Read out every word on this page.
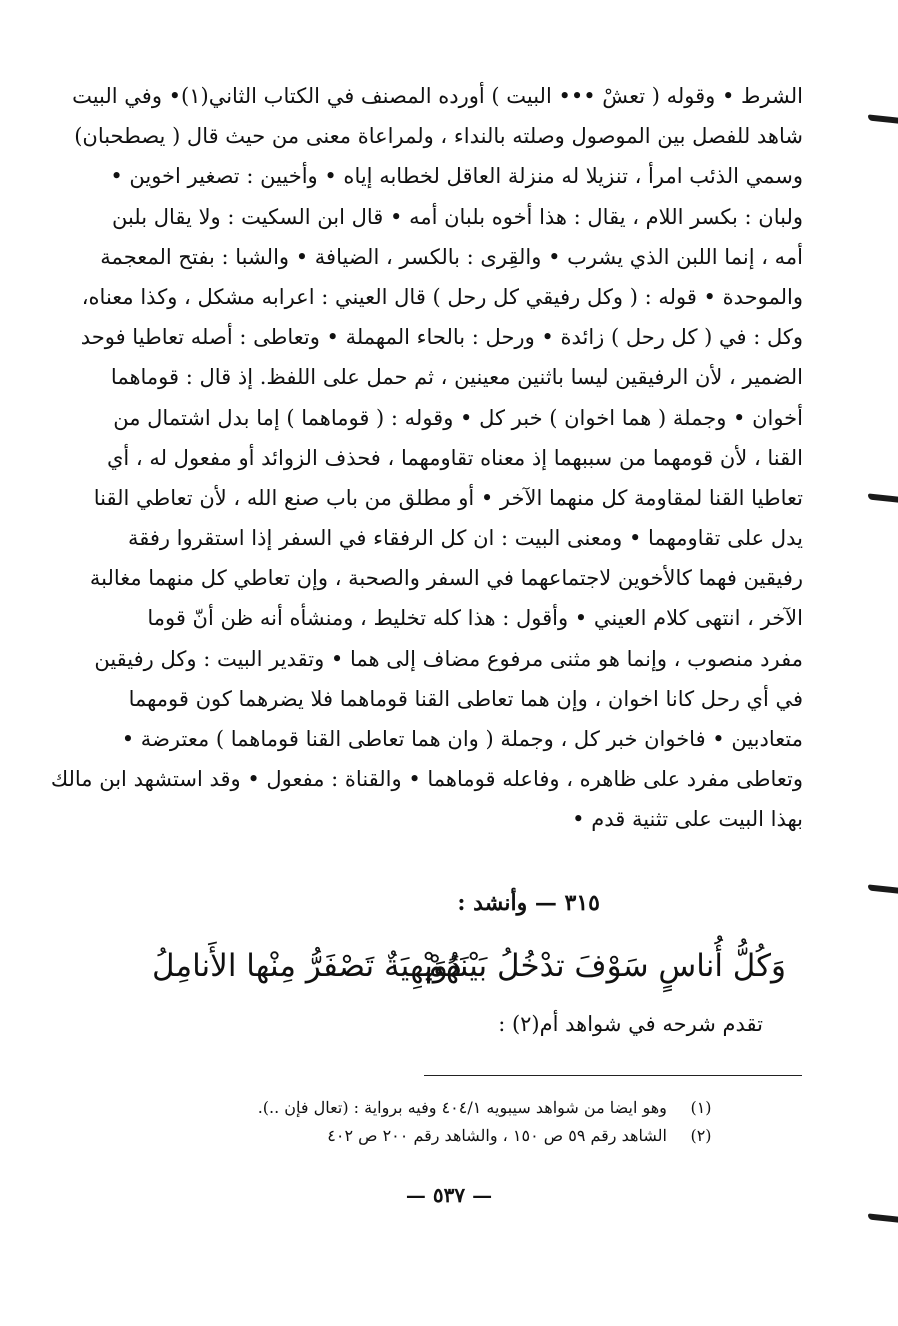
الشرط • وقوله ( تعشْ ••• البيت ) أورده المصنف في الكتاب الثاني(١)• وفي البيت
شاهد للفصل بين الموصول وصلته بالنداء ، ولمراعاة معنى من حيث قال ( يصطحبان)
وسمي الذئب امرأ ، تنزيلا له منزلة العاقل لخطابه إياه • وأخيين : تصغير اخوين •
ولبان : بكسر اللام ، يقال : هذا أخوه بلبان أمه • قال ابن السكيت : ولا يقال بلبن
أمه ، إنما اللبن الذي يشرب • والقِرى : بالكسر ، الضيافة • والشبا : بفتح المعجمة
والموحدة • قوله : ( وكل رفيقي كل رحل ) قال العيني : اعرابه مشكل ، وكذا معناه،
وكل : في ( كل رحل ) زائدة • ورحل : بالحاء المهملة • وتعاطى : أصله تعاطيا فوحد
الضمير ، لأن الرفيقين ليسا باثنين معينين ، ثم حمل على اللفظ. إذ قال : قوماهما
أخوان • وجملة ( هما اخوان ) خبر كل • وقوله : ( قوماهما ) إما بدل اشتمال من
القنا ، لأن قومهما من سببهما إذ معناه تقاومهما ، فحذف الزوائد أو مفعول له ، أي
تعاطيا القنا لمقاومة كل منهما الآخر • أو مطلق من باب صنع الله ، لأن تعاطي القنا
يدل على تقاومهما • ومعنى البيت : ان كل الرفقاء في السفر إذا استقروا رفقة
رفيقين فهما كالأخوين لاجتماعهما في السفر والصحبة ، وإن تعاطي كل منهما مغالبة
الآخر ، انتهى كلام العيني • وأقول : هذا كله تخليط ، ومنشأه أنه ظن أنّ قوما
مفرد منصوب ، وإنما هو مثنى مرفوع مضاف إلى هما • وتقدير البيت : وكل رفيقين
في أي رحل كانا اخوان ، وإن هما تعاطى القنا قوماهما فلا يضرهما كون قومهما
متعادبين • فاخوان خبر كل ، وجملة ( وان هما تعاطى القنا قوماهما ) معترضة •
وتعاطى مفرد على ظاهره ، وفاعله قوماهما • والقناة : مفعول • وقد استشهد ابن مالك
بهذا البيت على تثنية قدم •
٣١٥ — وأنشد :
وَكُلُّ أُناسٍ سَوْفَ تدْخُلُ بَيْنَهُمْ
دُوَيْهِيَةٌ تَصْفَرُّ مِنْها الأَنامِلُ
تقدم شرحه في شواهد أم(٢) :
(١) وهو ايضا من شواهد سيبويه ٤٠٤/١ وفيه برواية : (تعال فإن ..).
(٢) الشاهد رقم ٥٩ ص ١٥٠ ، والشاهد رقم ٢٠٠ ص ٤٠٢
— ٥٣٧ —
